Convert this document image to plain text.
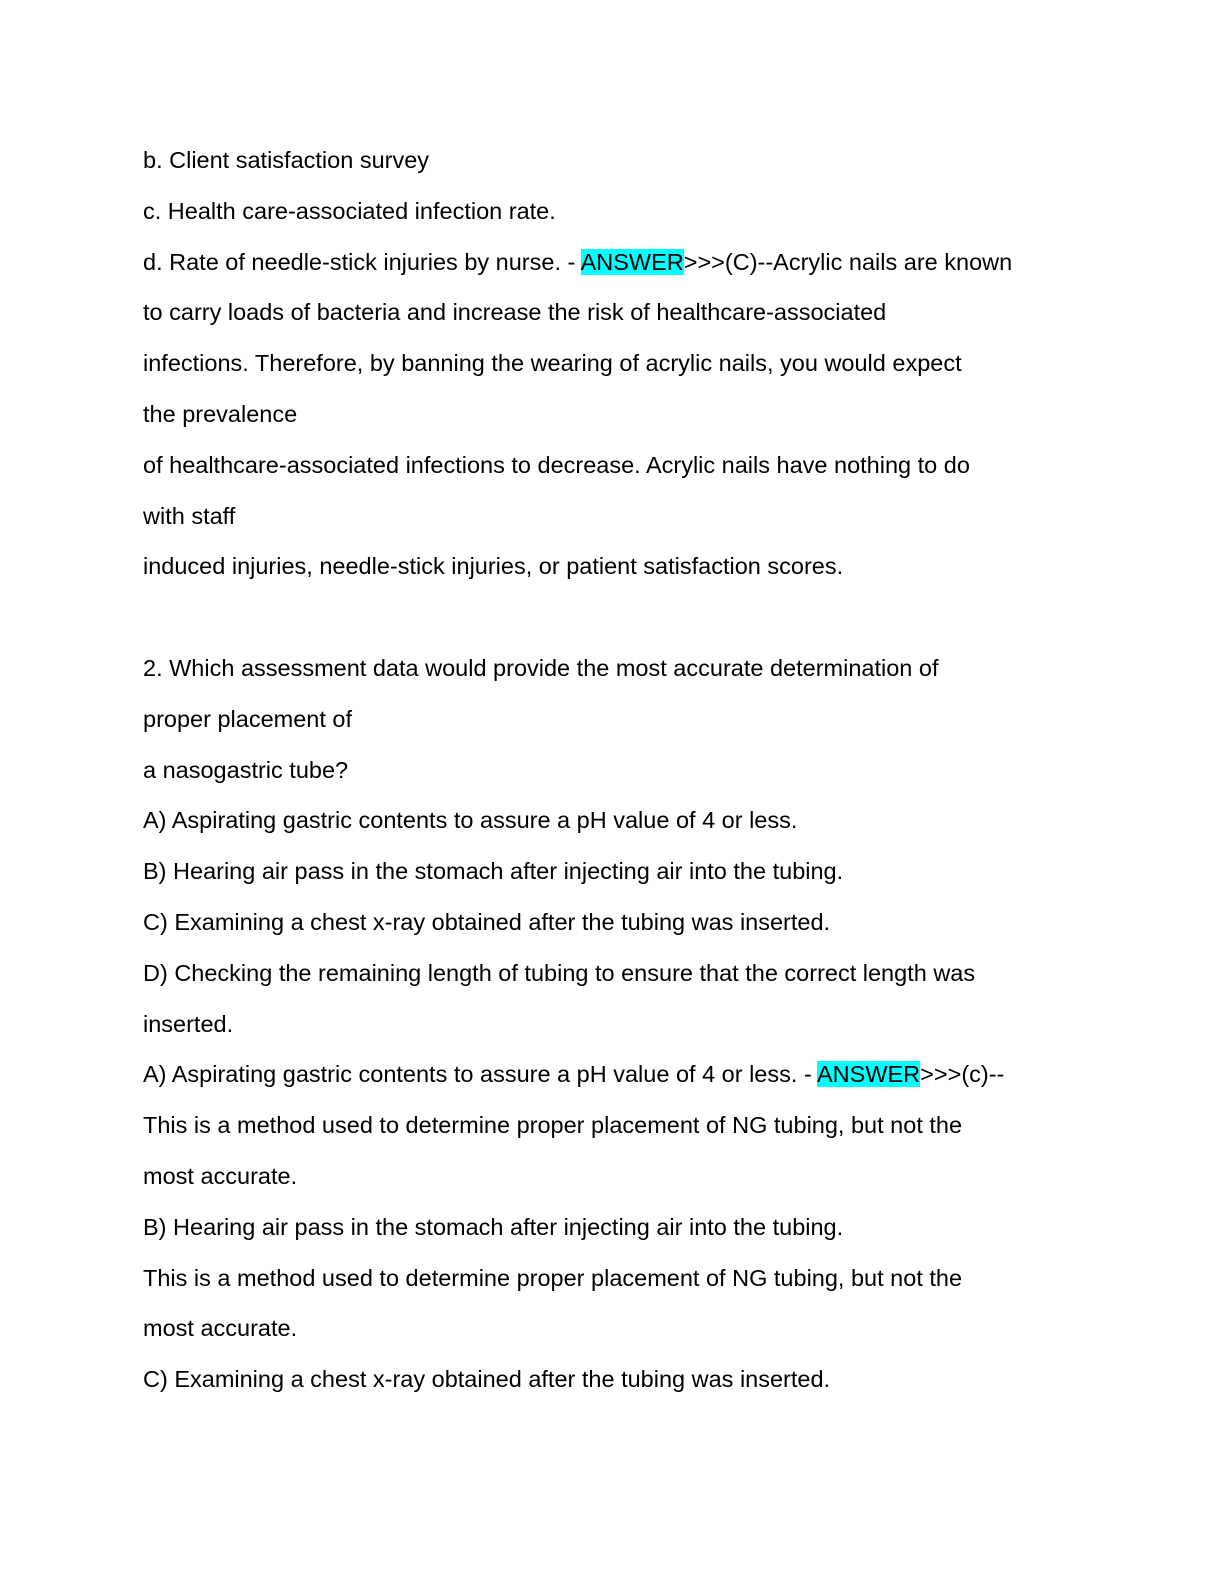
b. Client satisfaction survey
c. Health care-associated infection rate.
d. Rate of needle-stick injuries by nurse. - ANSWER>>>(C)--Acrylic nails are known
to carry loads of bacteria and increase the risk of healthcare-associated
infections. Therefore, by banning the wearing of acrylic nails, you would expect
the prevalence
of healthcare-associated infections to decrease. Acrylic nails have nothing to do
with staff
induced injuries, needle-stick injuries, or patient satisfaction scores.
2. Which assessment data would provide the most accurate determination of
proper placement of
a nasogastric tube?
A) Aspirating gastric contents to assure a pH value of 4 or less.
B) Hearing air pass in the stomach after injecting air into the tubing.
C) Examining a chest x-ray obtained after the tubing was inserted.
D) Checking the remaining length of tubing to ensure that the correct length was
inserted.
A) Aspirating gastric contents to assure a pH value of 4 or less. - ANSWER>>>(c)--
This is a method used to determine proper placement of NG tubing, but not the
most accurate.
B) Hearing air pass in the stomach after injecting air into the tubing.
This is a method used to determine proper placement of NG tubing, but not the
most accurate.
C) Examining a chest x-ray obtained after the tubing was inserted.
